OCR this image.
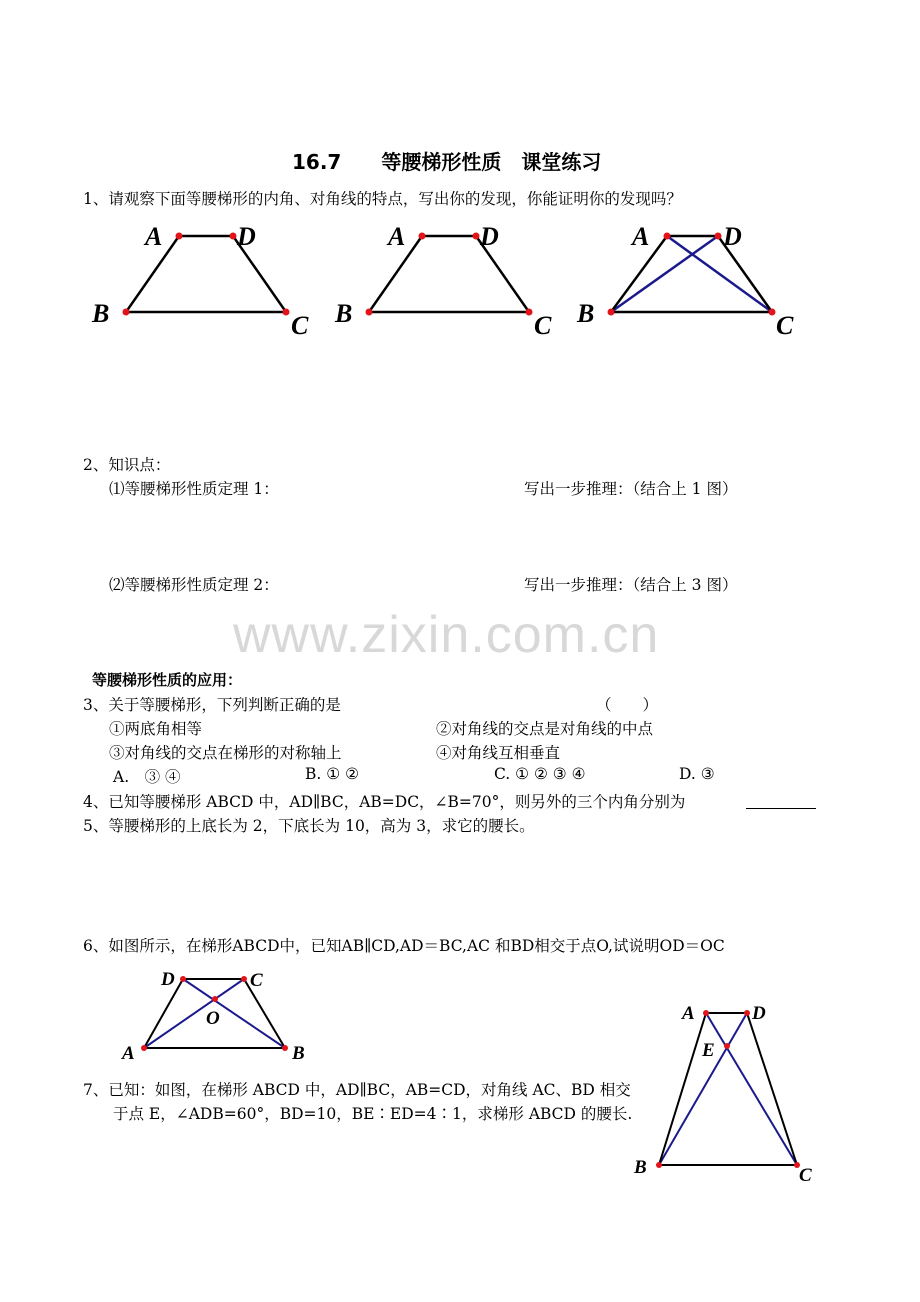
16.7　　等腰梯形性质　课堂练习
1、请观察下面等腰梯形的内角、对角线的特点，写出你的发现，你能证明你的发现吗？
A	D
B	C
A	D
B	C
A	D
B	C
2、知识点：
⑴等腰梯形性质定理 1：	写出一步推理：（结合上 1 图）
⑵等腰梯形性质定理 2：	写出一步推理：（结合上 3 图）
www.zixin.com.cn
等腰梯形性质的应用：
3、关于等腰梯形，下列判断正确的是	（　　）
①两底角相等	②对角线的交点是对角线的中点
③对角线的交点在梯形的对称轴上	④对角线互相垂直
A.　③ ④	B. ① ②	C. ① ② ③ ④	D. ③
4、已知等腰梯形 ABCD 中，AD∥BC，AB=DC，∠B=70°，则另外的三个内角分别为
5、等腰梯形的上底长为 2，下底长为 10，高为 3，求它的腰长。
6、如图所示，在梯形ABCD中，已知AB∥CD,AD＝BC,AC 和BD相交于点O,试说明OD＝OC
D	C
O
A	B
7、已知：如图，在梯形 ABCD 中，AD∥BC，AB=CD，对角线 AC、BD 相交
于点 E，∠ADB=60°，BD=10，BE∶ED=4∶1，求梯形 ABCD 的腰长.
A	D
E
B	C
